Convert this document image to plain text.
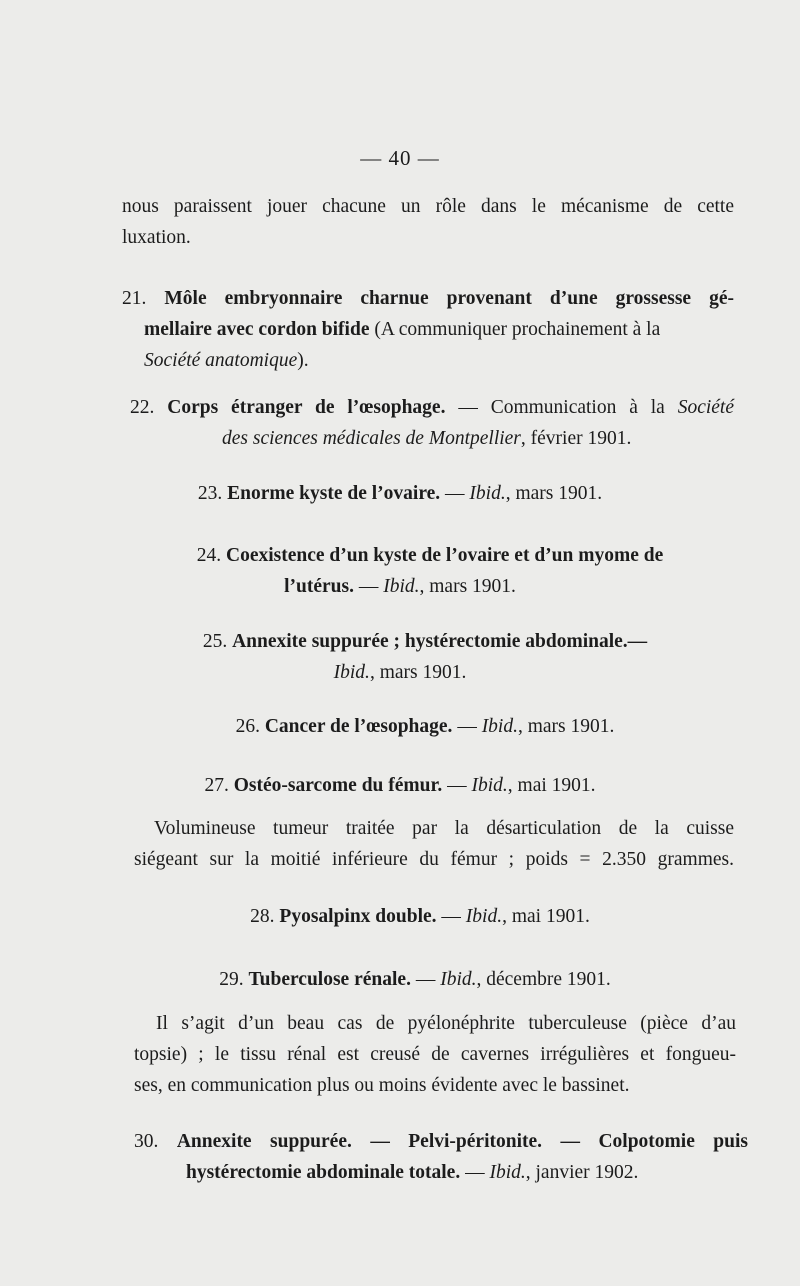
— 40 —
nous paraissent jouer chacune un rôle dans le mécanisme de cette
luxation.
21. Môle embryonnaire charnue provenant d’une grossesse gé-
mellaire avec cordon bifide (A communiquer prochainement à la
Société anatomique).
22. Corps étranger de l’œsophage. — Communication à la Société
des sciences médicales de Montpellier, février 1901.
23. Enorme kyste de l’ovaire. — Ibid., mars 1901.
24. Coexistence d’un kyste de l’ovaire et d’un myome de
l’utérus. — Ibid., mars 1901.
25. Annexite suppurée ; hystérectomie abdominale.—
Ibid., mars 1901.
26. Cancer de l’œsophage. — Ibid., mars 1901.
27. Ostéo-sarcome du fémur. — Ibid., mai 1901.
Volumineuse tumeur traitée par la désarticulation de la cuisse
siégeant sur la moitié inférieure du fémur ; poids = 2.350 grammes.
28. Pyosalpinx double. — Ibid., mai 1901.
29. Tuberculose rénale. — Ibid., décembre 1901.
Il s’agit d’un beau cas de pyélonéphrite tuberculeuse (pièce d’au
topsie) ; le tissu rénal est creusé de cavernes irrégulières et fongueu-
ses, en communication plus ou moins évidente avec le bassinet.
30. Annexite suppurée. — Pelvi-péritonite. — Colpotomie puis
hystérectomie abdominale totale. — Ibid., janvier 1902.
